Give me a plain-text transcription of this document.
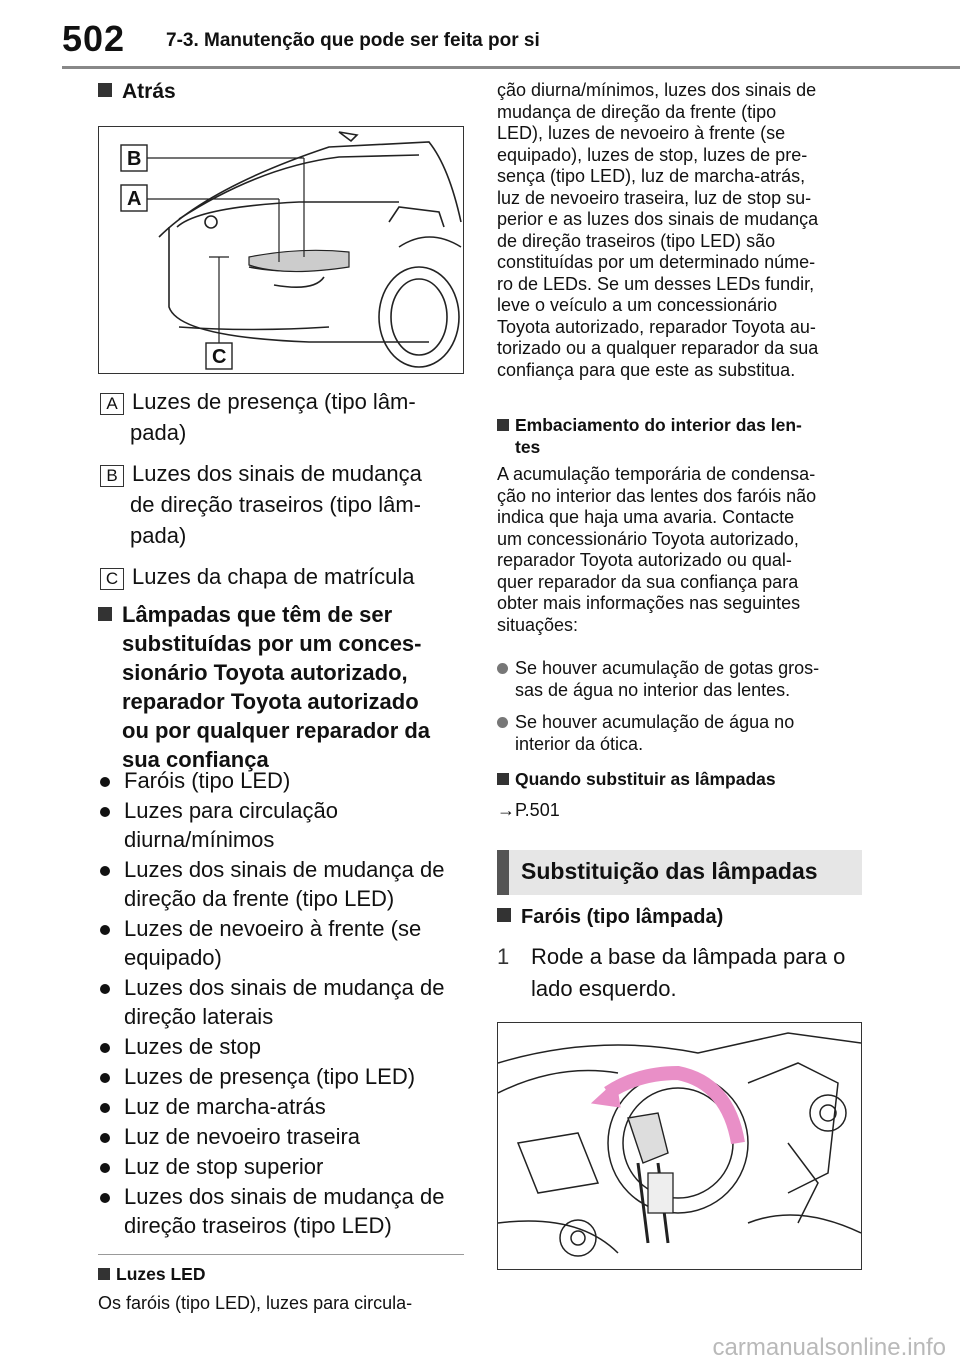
502 7-3. Manutenção que pode ser feita por si
Atrás
B
A
C
A Luzes de presença (tipo lâm-
pada)
B Luzes dos sinais de mudança
de direção traseiros (tipo lâm-
pada)
C Luzes da chapa de matrícula
Lâmpadas que têm de ser
substituídas por um conces-
sionário Toyota autorizado,
reparador Toyota autorizado
ou por qualquer reparador da
sua confiança
Faróis (tipo LED)
Luzes para circulação
diurna/mínimos
Luzes dos sinais de mudança de
direção da frente (tipo LED)
Luzes de nevoeiro à frente (se
equipado)
Luzes dos sinais de mudança de
direção laterais
Luzes de stop
Luzes de presença (tipo LED)
Luz de marcha-atrás
Luz de nevoeiro traseira
Luz de stop superior
Luzes dos sinais de mudança de
direção traseiros (tipo LED)
Luzes LED
Os faróis (tipo LED), luzes para circula-
ção diurna/mínimos, luzes dos sinais de
mudança de direção da frente (tipo
LED), luzes de nevoeiro à frente (se
equipado), luzes de stop, luzes de pre-
sença (tipo LED), luz de marcha-atrás,
luz de nevoeiro traseira, luz de stop su-
perior e as luzes dos sinais de mudança
de direção traseiros (tipo LED) são
constituídas por um determinado núme-
ro de LEDs. Se um desses LEDs fundir,
leve o veículo a um concessionário
Toyota autorizado, reparador Toyota au-
torizado ou a qualquer reparador da sua
confiança para que este as substitua.
Embaciamento do interior das len-
tes
A acumulação temporária de condensa-
ção no interior das lentes dos faróis não
indica que haja uma avaria. Contacte
um concessionário Toyota autorizado,
reparador Toyota autorizado ou qual-
quer reparador da sua confiança para
obter mais informações nas seguintes
situações:
Se houver acumulação de gotas gros-
sas de água no interior das lentes.
Se houver acumulação de água no
interior da ótica.
Quando substituir as lâmpadas
→P.501
Substituição das lâmpadas
Faróis (tipo lâmpada)
1 Rode a base da lâmpada para o
lado esquerdo.
carmanualsonline.info
